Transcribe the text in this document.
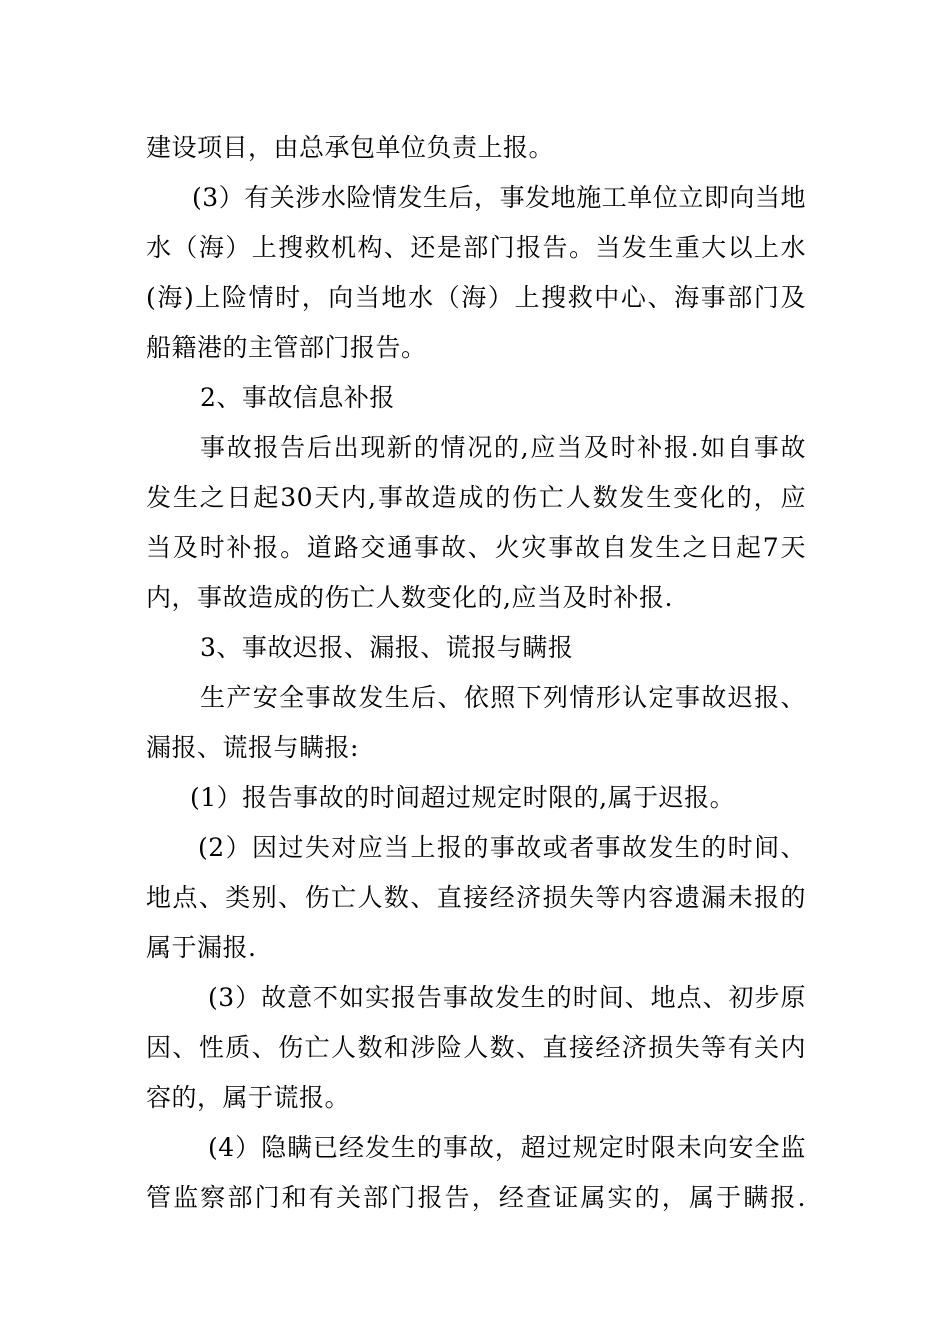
建设项目，由总承包单位负责上报。
(3）有关涉水险情发生后，事发地施工单位立即向当地
水（海）上搜救机构、还是部门报告。当发生重大以上水
(海)上险情时，向当地水（海）上搜救中心、海事部门及
船籍港的主管部门报告。
2、事故信息补报
事故报告后出现新的情况的,应当及时补报.如自事故
发生之日起30天内,事故造成的伤亡人数发生变化的，应
当及时补报。道路交通事故、火灾事故自发生之日起7天
内，事故造成的伤亡人数变化的,应当及时补报.
3、事故迟报、漏报、谎报与瞒报
生产安全事故发生后、依照下列情形认定事故迟报、
漏报、谎报与瞒报:
(1）报告事故的时间超过规定时限的,属于迟报。
(2）因过失对应当上报的事故或者事故发生的时间、
地点、类别、伤亡人数、直接经济损失等内容遗漏未报的
属于漏报.
(3）故意不如实报告事故发生的时间、地点、初步原
因、性质、伤亡人数和涉险人数、直接经济损失等有关内
容的，属于谎报。
(4）隐瞒已经发生的事故，超过规定时限未向安全监
管监察部门和有关部门报告，经查证属实的，属于瞒报.
